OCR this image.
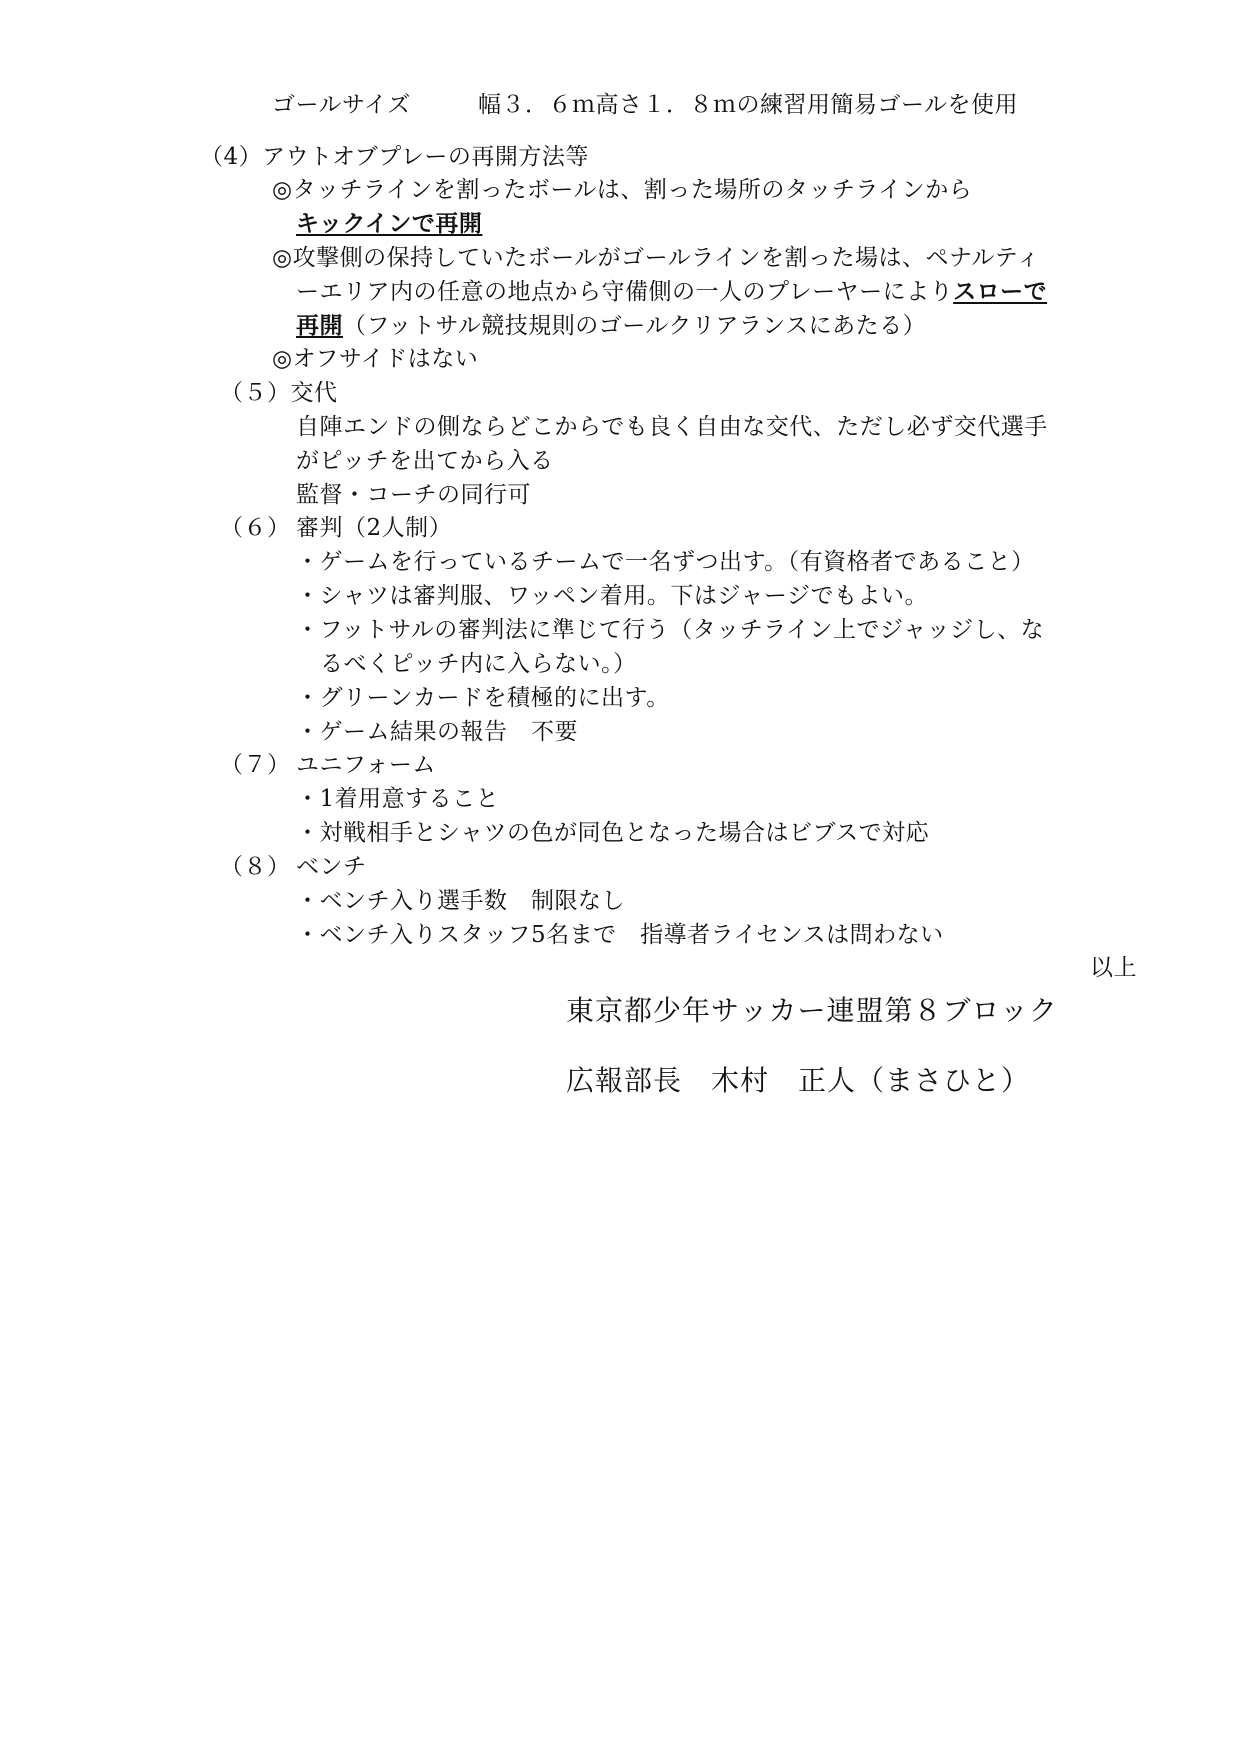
ゴールサイズ	幅３．６ｍ高さ１．８ｍの練習用簡易ゴールを使用
（4）アウトオブプレーの再開方法等
◎タッチラインを割ったボールは、割った場所のタッチラインから
キックインで再開
◎攻撃側の保持していたボールがゴールラインを割った場は、ペナルティ
ーエリア内の任意の地点から守備側の一人のプレーヤーによりスローで
再開（フットサル競技規則のゴールクリアランスにあたる）
◎オフサイドはない
（５）交代
自陣エンドの側ならどこからでも良く自由な交代、ただし必ず交代選手
がピッチを出てから入る
監督・コーチの同行可
（６） 審判（2人制）
・ゲームを行っているチームで一名ずつ出す。（有資格者であること）
・シャツは審判服、ワッペン着用。下はジャージでもよい。
・フットサルの審判法に準じて行う（タッチライン上でジャッジし、な
るべくピッチ内に入らない。）
・グリーンカードを積極的に出す。
・ゲーム結果の報告　不要
（７） ユニフォーム
・1着用意すること
・対戦相手とシャツの色が同色となった場合はビブスで対応
（８） ベンチ
・ベンチ入り選手数　制限なし
・ベンチ入りスタッフ5名まで　指導者ライセンスは問わない
以上
東京都少年サッカー連盟第８ブロック
広報部長　木村　正人（まさひと）
